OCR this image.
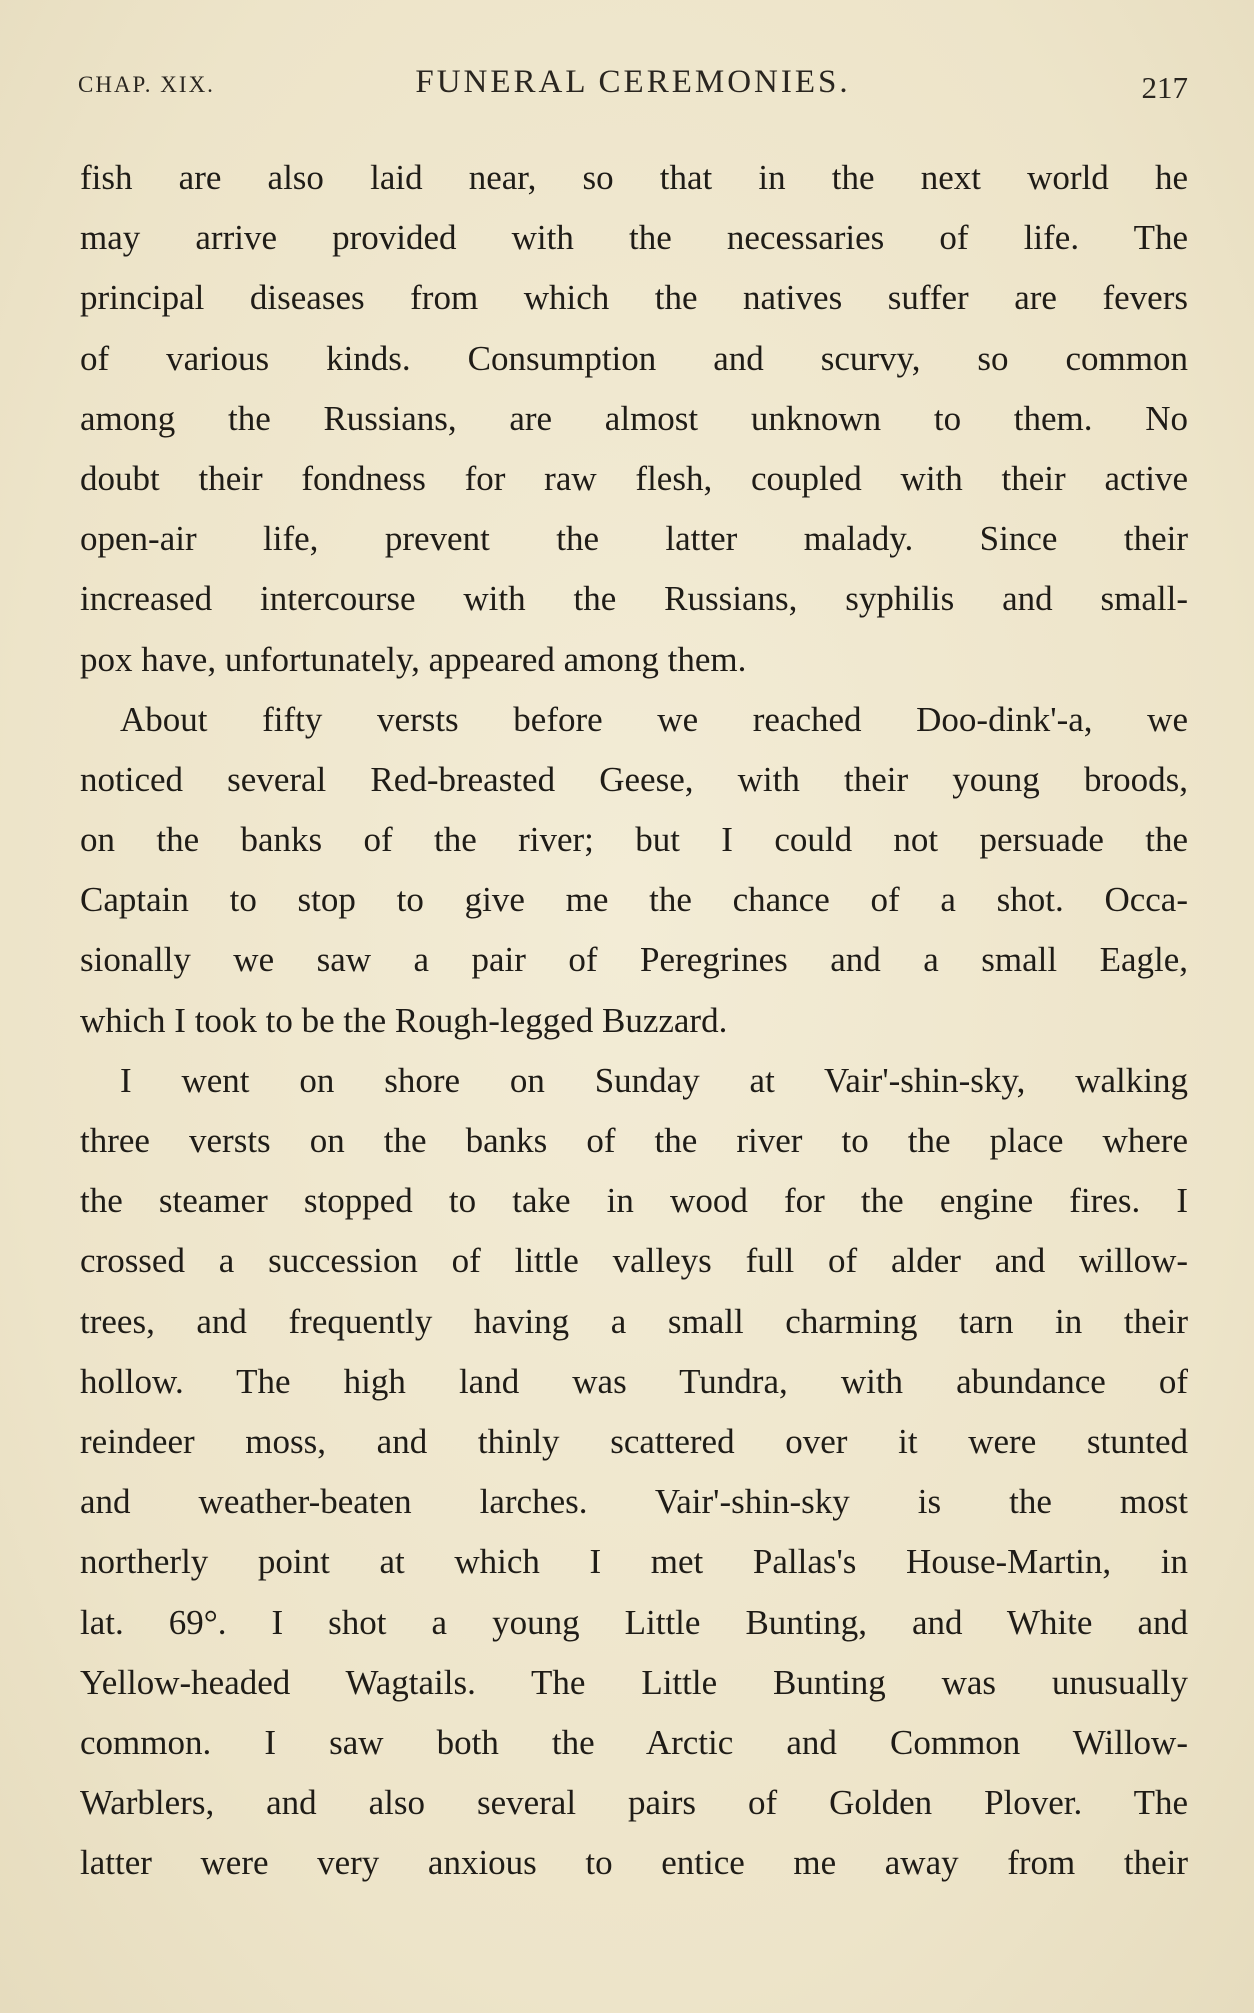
CHAP. XIX.	FUNERAL CEREMONIES.	217
fish are also laid near, so that in the next world he
may arrive provided with the necessaries of life. The
principal diseases from which the natives suffer are fevers
of various kinds. Consumption and scurvy, so common
among the Russians, are almost unknown to them. No
doubt their fondness for raw flesh, coupled with their active
open-air life, prevent the latter malady. Since their
increased intercourse with the Russians, syphilis and small-
pox have, unfortunately, appeared among them.
About fifty versts before we reached Doo-dink'-a, we
noticed several Red-breasted Geese, with their young broods,
on the banks of the river; but I could not persuade the
Captain to stop to give me the chance of a shot. Occa-
sionally we saw a pair of Peregrines and a small Eagle,
which I took to be the Rough-legged Buzzard.
I went on shore on Sunday at Vair'-shin-sky, walking
three versts on the banks of the river to the place where
the steamer stopped to take in wood for the engine fires. I
crossed a succession of little valleys full of alder and willow-
trees, and frequently having a small charming tarn in their
hollow. The high land was Tundra, with abundance of
reindeer moss, and thinly scattered over it were stunted
and weather-beaten larches. Vair'-shin-sky is the most
northerly point at which I met Pallas's House-Martin, in
lat. 69°. I shot a young Little Bunting, and White and
Yellow-headed Wagtails. The Little Bunting was unusually
common. I saw both the Arctic and Common Willow-
Warblers, and also several pairs of Golden Plover. The
latter were very anxious to entice me away from their
